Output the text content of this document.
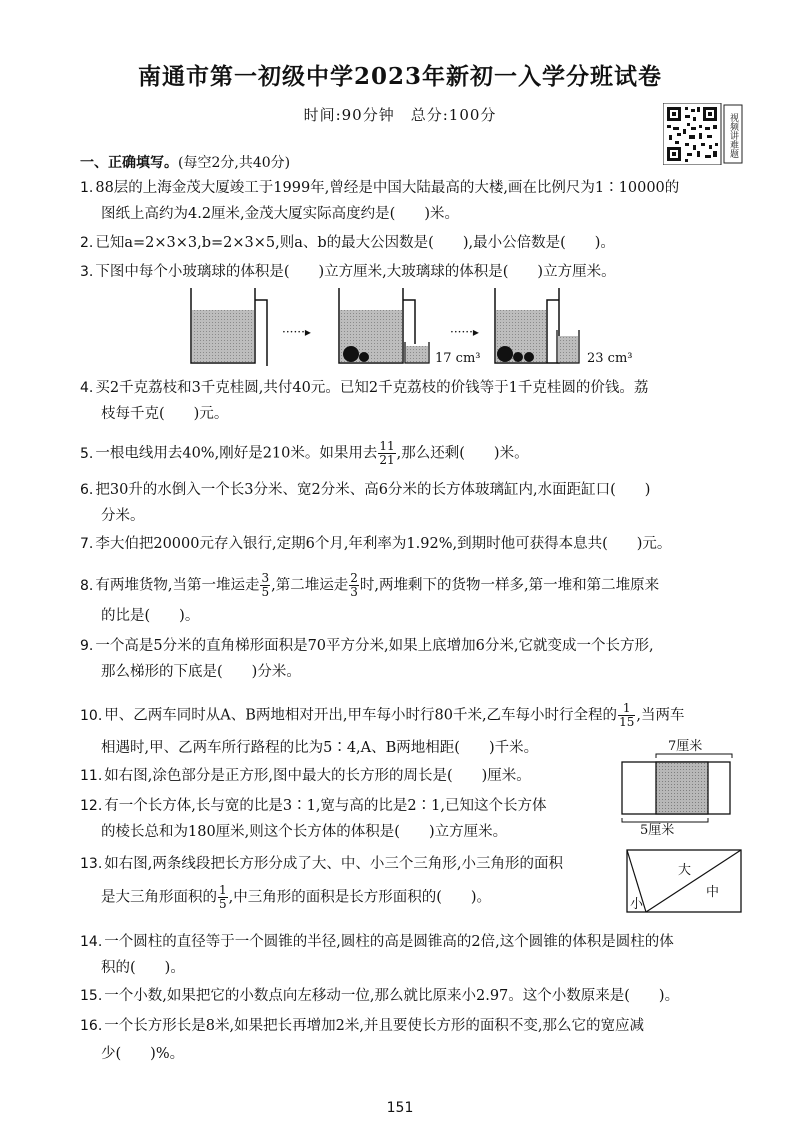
南通市第一初级中学2023年新初一入学分班试卷
时间:90分钟　总分:100分	视频讲难题
一、正确填写。(每空2分,共40分)
1. 88层的上海金茂大厦竣工于1999年,曾经是中国大陆最高的大楼,画在比例尺为1∶10000的
图纸上高约为4.2厘米,金茂大厦实际高度约是(　　)米。
2. 已知a=2×3×3,b=2×3×5,则a、b的最大公因数是(　　),最小公倍数是(　　)。
3. 下图中每个小玻璃球的体积是(　　)立方厘米,大玻璃球的体积是(　　)立方厘米。
······▸
17 cm³
······▸
23 cm³
4. 买2千克荔枝和3千克桂圆,共付40元。已知2千克荔枝的价钱等于1千克桂圆的价钱。荔
枝每千克(　　)元。
5. 一根电线用去40%,刚好是210米。如果用去 $\frac{11}{21}$ ,那么还剩(　　)米。
6. 把30升的水倒入一个长3分米、宽2分米、高6分米的长方体玻璃缸内,水面距缸口(　　)
分米。
7. 李大伯把20000元存入银行,定期6个月,年利率为1.92%,到期时他可获得本息共(　　)元。
8. 有两堆货物,当第一堆运走 $\frac{3}{5}$ ,第二堆运走 $\frac{2}{3}$ 时,两堆剩下的货物一样多,第一堆和第二堆原来
的比是(　　)。
9. 一个高是5分米的直角梯形面积是70平方分米,如果上底增加6分米,它就变成一个长方形,
那么梯形的下底是(　　)分米。
10. 甲、乙两车同时从A、B两地相对开出,甲车每小时行80千米,乙车每小时行全程的 $\frac{1}{15}$ ,当两车
相遇时,甲、乙两车所行路程的比为5∶4,A、B两地相距(　　)千米。
11. 如右图,涂色部分是正方形,图中最大的长方形的周长是(　　)厘米。
7厘米
5厘米
12. 有一个长方体,长与宽的比是3∶1,宽与高的比是2∶1,已知这个长方体
的棱长总和为180厘米,则这个长方体的体积是(　　)立方厘米。
13. 如右图,两条线段把长方形分成了大、中、小三个三角形,小三角形的面积
是大三角形面积的 $\frac{1}{5}$ ,中三角形的面积是长方形面积的(　　)。
大
中
小
14. 一个圆柱的直径等于一个圆锥的半径,圆柱的高是圆锥高的2倍,这个圆锥的体积是圆柱的体
积的(　　)。
15. 一个小数,如果把它的小数点向左移动一位,那么就比原来小2.97。这个小数原来是(　　)。
16. 一个长方形长是8米,如果把长再增加2米,并且要使长方形的面积不变,那么它的宽应减
少(　　)%。
151
